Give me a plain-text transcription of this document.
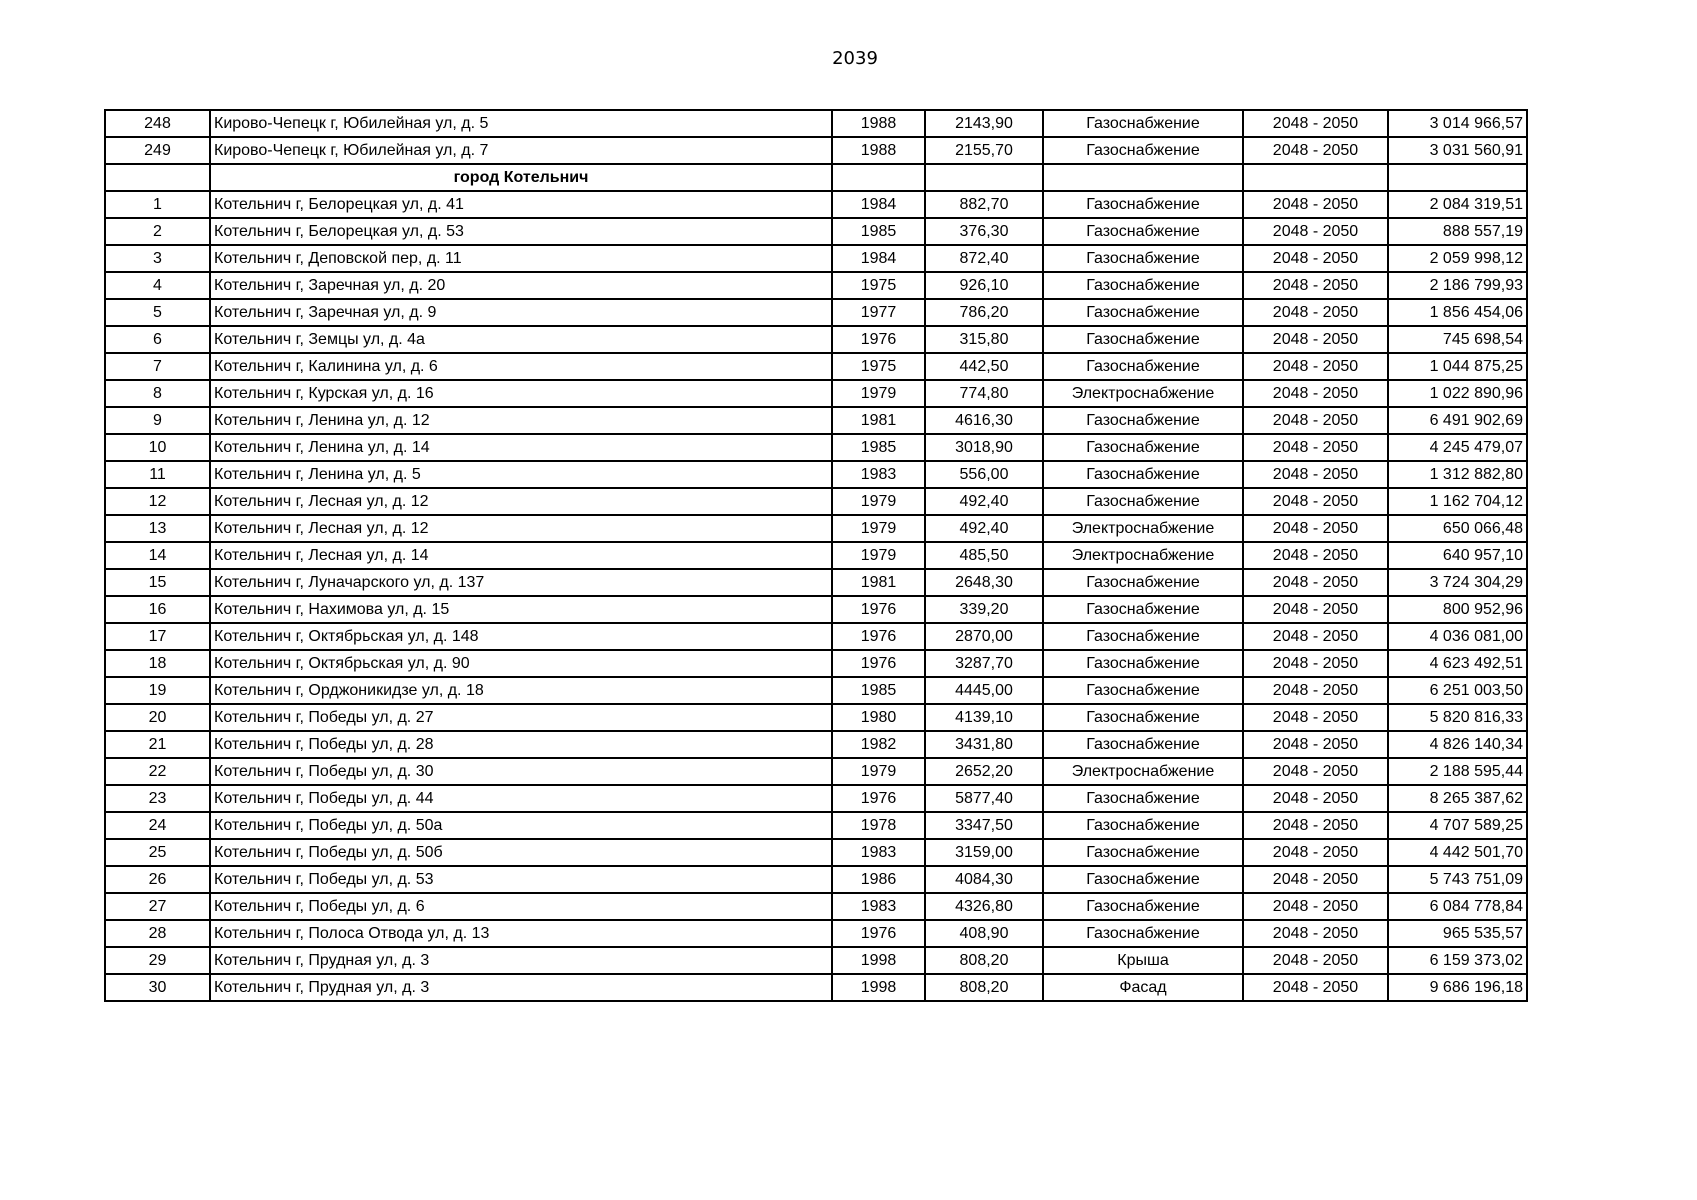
2039
248	Кирово-Чепецк г, Юбилейная ул, д. 5	1988	2143,90	Газоснабжение	2048 - 2050	3 014 966,57
249	Кирово-Чепецк г, Юбилейная ул, д. 7	1988	2155,70	Газоснабжение	2048 - 2050	3 031 560,91
	город Котельнич					
1	Котельнич г, Белорецкая ул, д. 41	1984	882,70	Газоснабжение	2048 - 2050	2 084 319,51
2	Котельнич г, Белорецкая ул, д. 53	1985	376,30	Газоснабжение	2048 - 2050	888 557,19
3	Котельнич г, Деповской пер, д. 11	1984	872,40	Газоснабжение	2048 - 2050	2 059 998,12
4	Котельнич г, Заречная ул, д. 20	1975	926,10	Газоснабжение	2048 - 2050	2 186 799,93
5	Котельнич г, Заречная ул, д. 9	1977	786,20	Газоснабжение	2048 - 2050	1 856 454,06
6	Котельнич г, Земцы ул, д. 4а	1976	315,80	Газоснабжение	2048 - 2050	745 698,54
7	Котельнич г, Калинина ул, д. 6	1975	442,50	Газоснабжение	2048 - 2050	1 044 875,25
8	Котельнич г, Курская ул, д. 16	1979	774,80	Электроснабжение	2048 - 2050	1 022 890,96
9	Котельнич г, Ленина ул, д. 12	1981	4616,30	Газоснабжение	2048 - 2050	6 491 902,69
10	Котельнич г, Ленина ул, д. 14	1985	3018,90	Газоснабжение	2048 - 2050	4 245 479,07
11	Котельнич г, Ленина ул, д. 5	1983	556,00	Газоснабжение	2048 - 2050	1 312 882,80
12	Котельнич г, Лесная ул, д. 12	1979	492,40	Газоснабжение	2048 - 2050	1 162 704,12
13	Котельнич г, Лесная ул, д. 12	1979	492,40	Электроснабжение	2048 - 2050	650 066,48
14	Котельнич г, Лесная ул, д. 14	1979	485,50	Электроснабжение	2048 - 2050	640 957,10
15	Котельнич г, Луначарского ул, д. 137	1981	2648,30	Газоснабжение	2048 - 2050	3 724 304,29
16	Котельнич г, Нахимова ул, д. 15	1976	339,20	Газоснабжение	2048 - 2050	800 952,96
17	Котельнич г, Октябрьская ул, д. 148	1976	2870,00	Газоснабжение	2048 - 2050	4 036 081,00
18	Котельнич г, Октябрьская ул, д. 90	1976	3287,70	Газоснабжение	2048 - 2050	4 623 492,51
19	Котельнич г, Орджоникидзе ул, д. 18	1985	4445,00	Газоснабжение	2048 - 2050	6 251 003,50
20	Котельнич г, Победы ул, д. 27	1980	4139,10	Газоснабжение	2048 - 2050	5 820 816,33
21	Котельнич г, Победы ул, д. 28	1982	3431,80	Газоснабжение	2048 - 2050	4 826 140,34
22	Котельнич г, Победы ул, д. 30	1979	2652,20	Электроснабжение	2048 - 2050	2 188 595,44
23	Котельнич г, Победы ул, д. 44	1976	5877,40	Газоснабжение	2048 - 2050	8 265 387,62
24	Котельнич г, Победы ул, д. 50а	1978	3347,50	Газоснабжение	2048 - 2050	4 707 589,25
25	Котельнич г, Победы ул, д. 50б	1983	3159,00	Газоснабжение	2048 - 2050	4 442 501,70
26	Котельнич г, Победы ул, д. 53	1986	4084,30	Газоснабжение	2048 - 2050	5 743 751,09
27	Котельнич г, Победы ул, д. 6	1983	4326,80	Газоснабжение	2048 - 2050	6 084 778,84
28	Котельнич г, Полоса Отвода ул, д. 13	1976	408,90	Газоснабжение	2048 - 2050	965 535,57
29	Котельнич г, Прудная ул, д. 3	1998	808,20	Крыша	2048 - 2050	6 159 373,02
30	Котельнич г, Прудная ул, д. 3	1998	808,20	Фасад	2048 - 2050	9 686 196,18
